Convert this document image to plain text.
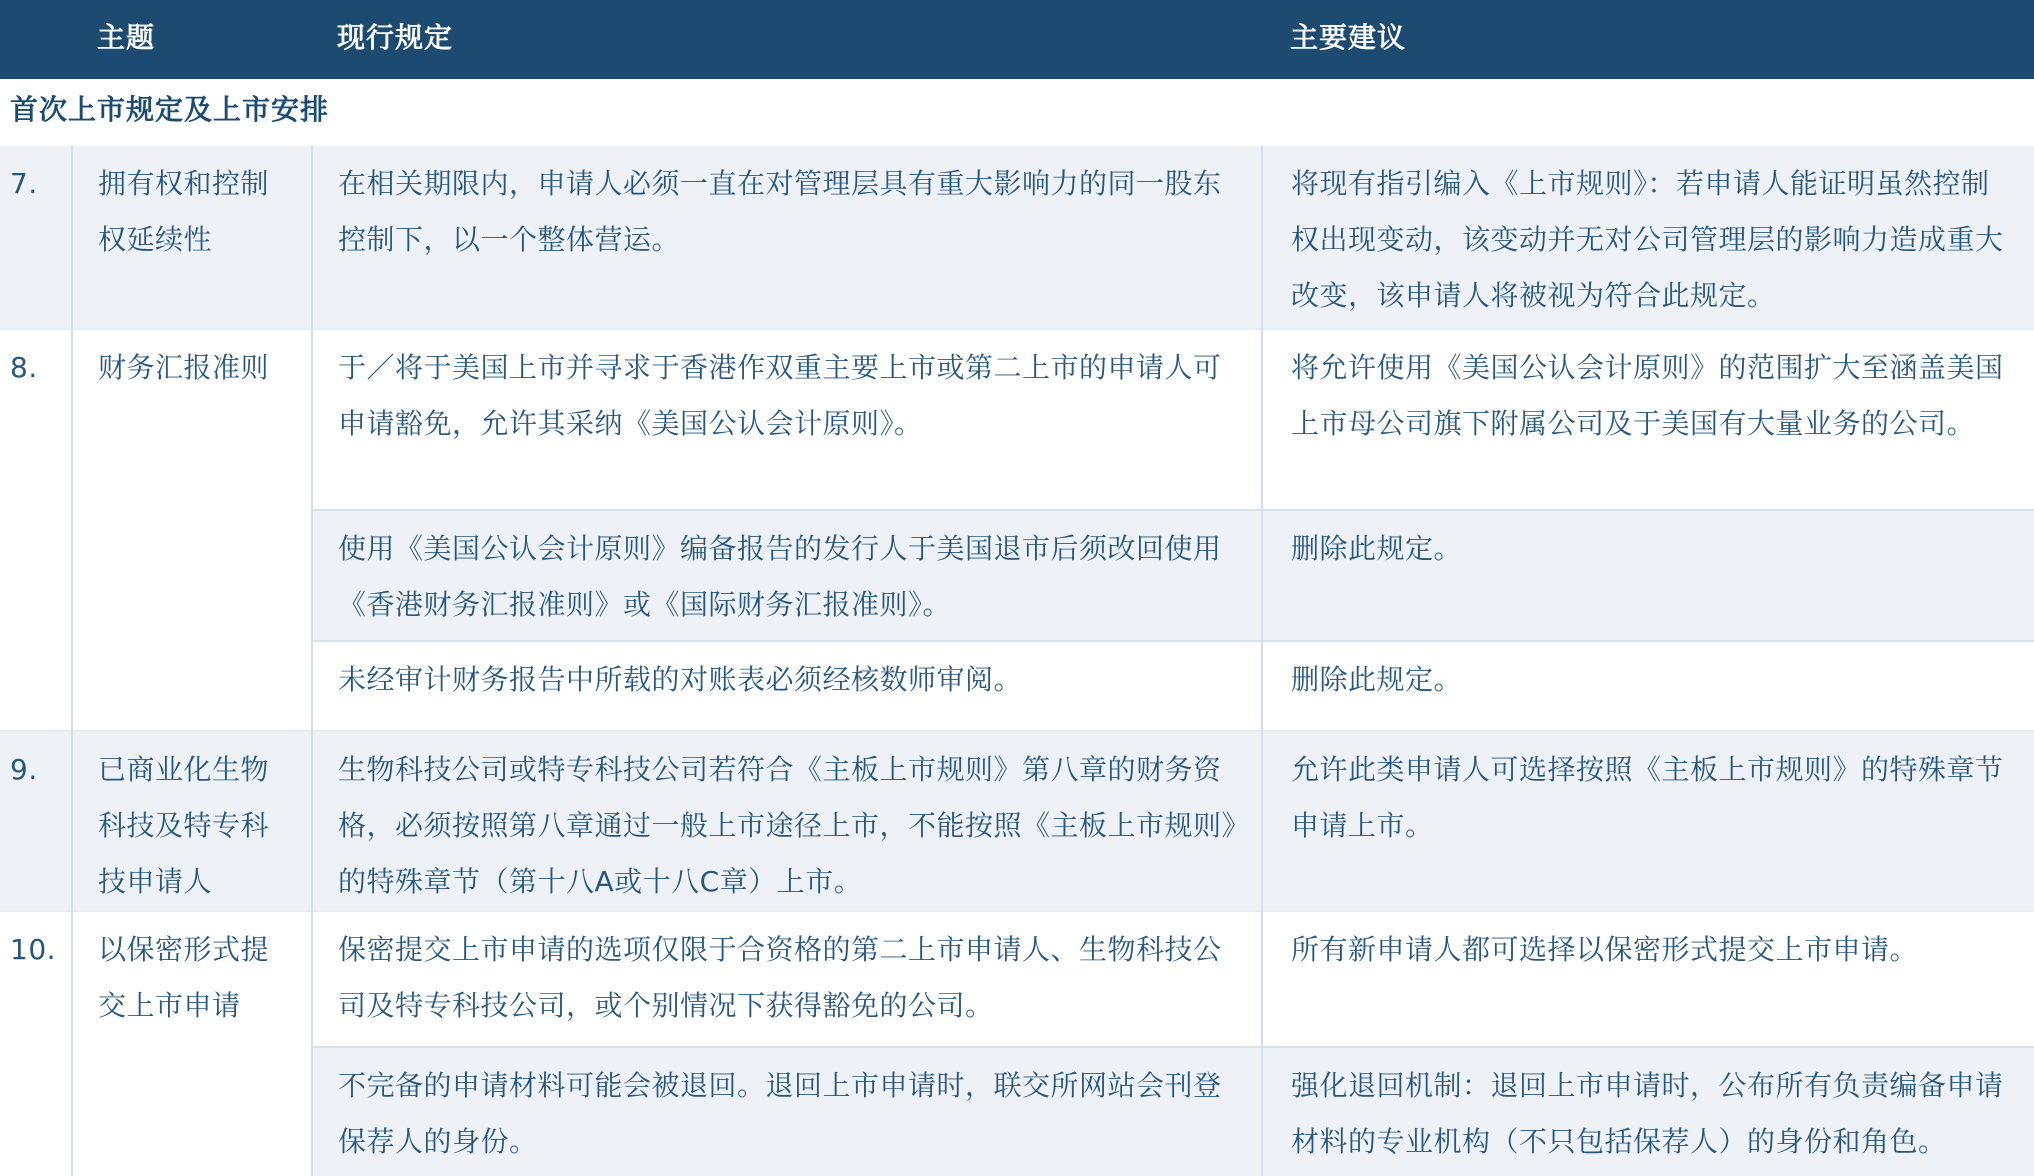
	主题	现行规定	主要建议
首次上市规定及上市安排			
7.	拥有权和控制权延续性	在相关期限内，申请人必须一直在对管理层具有重大影响力的同一股东控制下，以一个整体营运。	将现有指引编入《上市规则》：若申请人能证明虽然控制权出现变动，该变动并无对公司管理层的影响力造成重大改变，该申请人将被视为符合此规定。
8.	财务汇报准则	于／将于美国上市并寻求于香港作双重主要上市或第二上市的申请人可申请豁免，允许其采纳《美国公认会计原则》。	将允许使用《美国公认会计原则》的范围扩大至涵盖美国上市母公司旗下附属公司及于美国有大量业务的公司。
		使用《美国公认会计原则》编备报告的发行人于美国退市后须改回使用《香港财务汇报准则》或《国际财务汇报准则》。	删除此规定。
		未经审计财务报告中所载的对账表必须经核数师审阅。	删除此规定。
9.	已商业化生物科技及特专科技申请人	生物科技公司或特专科技公司若符合《主板上市规则》第八章的财务资格，必须按照第八章通过一般上市途径上市，不能按照《主板上市规则》的特殊章节（第十八A或十八C章）上市。	允许此类申请人可选择按照《主板上市规则》的特殊章节申请上市。
10.	以保密形式提交上市申请	保密提交上市申请的选项仅限于合资格的第二上市申请人、生物科技公司及特专科技公司，或个别情况下获得豁免的公司。	所有新申请人都可选择以保密形式提交上市申请。
		不完备的申请材料可能会被退回。退回上市申请时，联交所网站会刊登保荐人的身份。	强化退回机制：退回上市申请时，公布所有负责编备申请材料的专业机构（不只包括保荐人）的身份和角色。
